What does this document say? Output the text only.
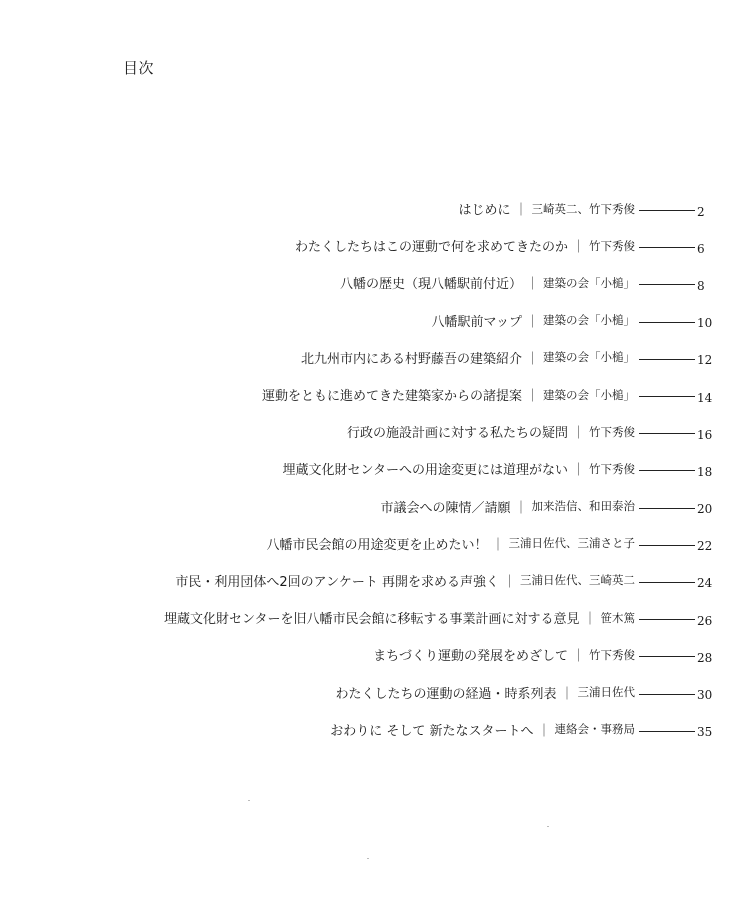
目次
はじめに ｜ 三崎英二、竹下秀俊	2
わたくしたちはこの運動で何を求めてきたのか ｜ 竹下秀俊	6
八幡の歴史（現八幡駅前付近） ｜ 建築の会「小槌」	8
八幡駅前マップ ｜ 建築の会「小槌」	10
北九州市内にある村野藤吾の建築紹介 ｜ 建築の会「小槌」	12
運動をともに進めてきた建築家からの諸提案 ｜ 建築の会「小槌」	14
行政の施設計画に対する私たちの疑問 ｜ 竹下秀俊	16
埋蔵文化財センターへの用途変更には道理がない ｜ 竹下秀俊	18
市議会への陳情／請願 ｜ 加来浩信、和田泰治	20
八幡市民会館の用途変更を止めたい！ ｜ 三浦日佐代、三浦さと子	22
市民・利用団体へ2回のアンケート 再開を求める声強く ｜ 三浦日佐代、三崎英二	24
埋蔵文化財センターを旧八幡市民会館に移転する事業計画に対する意見 ｜ 笹木篤	26
まちづくり運動の発展をめざして ｜ 竹下秀俊	28
わたくしたちの運動の経過・時系列表 ｜ 三浦日佐代	30
おわりに そして 新たなスタートへ ｜ 連絡会・事務局	35
